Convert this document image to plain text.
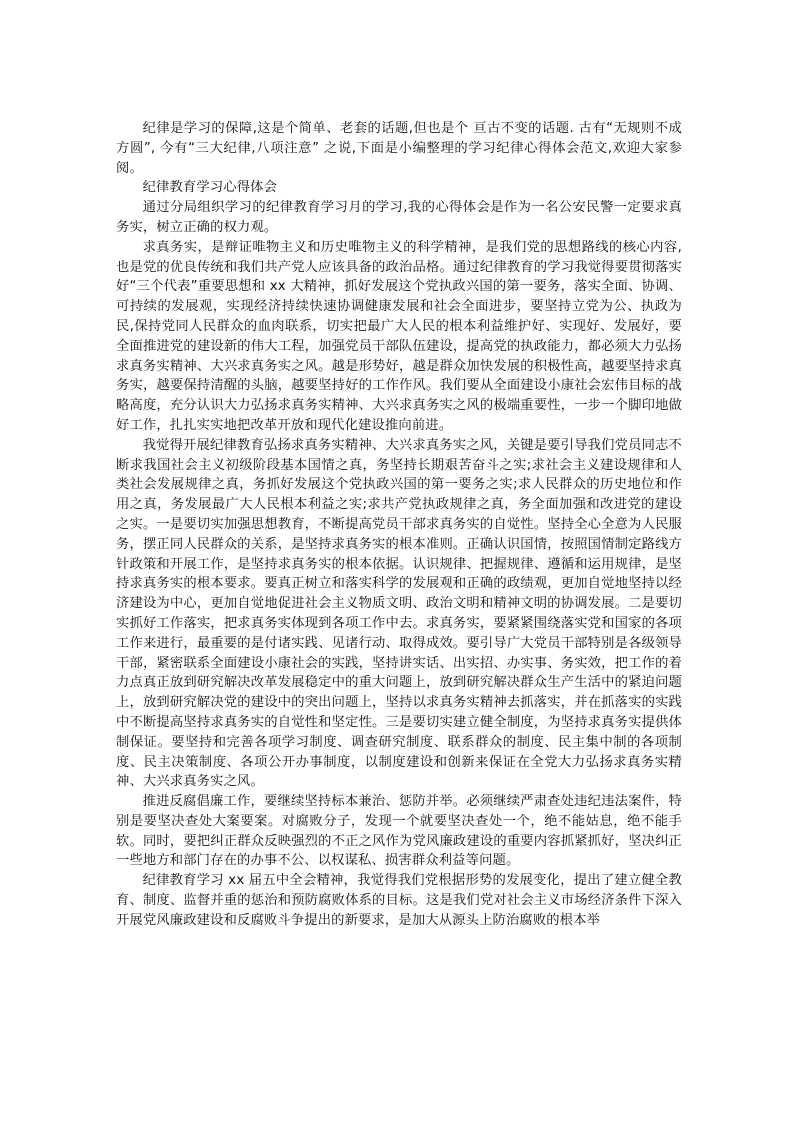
纪律是学习的保障,这是个简单、老套的话题,但也是个 亘古不变的话题. 古有“无规则不成方圆”, 今有“三大纪律,八项注意” 之说,下面是小编整理的学习纪律心得体会范文,欢迎大家参阅。

纪律教育学习心得体会

通过分局组织学习的纪律教育学习月的学习,我的心得体会是作为一名公安民警一定要求真务实，树立正确的权力观。

求真务实，是辩证唯物主义和历史唯物主义的科学精神，是我们党的思想路线的核心内容,也是党的优良传统和我们共产党人应该具备的政治品格。通过纪律教育的学习我觉得要贯彻落实好“三个代表”重要思想和 xx 大精神，抓好发展这个党执政兴国的第一要务，落实全面、协调、可持续的发展观，实现经济持续快速协调健康发展和社会全面进步，要坚持立党为公、执政为民,保持党同人民群众的血肉联系，切实把最广大人民的根本利益维护好、实现好、发展好，要全面推进党的建设新的伟大工程，加强党员干部队伍建设，提高党的执政能力，都必须大力弘扬求真务实精神、大兴求真务实之风。越是形势好，越是群众加快发展的积极性高，越要坚持求真务实，越要保持清醒的头脑，越要坚持好的工作作风。我们要从全面建设小康社会宏伟目标的战略高度，充分认识大力弘扬求真务实精神、大兴求真务实之风的极端重要性，一步一个脚印地做好工作，扎扎实实地把改革开放和现代化建设推向前进。

我觉得开展纪律教育弘扬求真务实精神、大兴求真务实之风，关键是要引导我们党员同志不断求我国社会主义初级阶段基本国情之真，务坚持长期艰苦奋斗之实;求社会主义建设规律和人类社会发展规律之真，务抓好发展这个党执政兴国的第一要务之实;求人民群众的历史地位和作用之真，务发展最广大人民根本利益之实;求共产党执政规律之真，务全面加强和改进党的建设之实。一是要切实加强思想教育，不断提高党员干部求真务实的自觉性。坚持全心全意为人民服务，摆正同人民群众的关系，是坚持求真务实的根本准则。正确认识国情，按照国情制定路线方针政策和开展工作，是坚持求真务实的根本依据。认识规律、把握规律、遵循和运用规律，是坚持求真务实的根本要求。要真正树立和落实科学的发展观和正确的政绩观，更加自觉地坚持以经济建设为中心，更加自觉地促进社会主义物质文明、政治文明和精神文明的协调发展。二是要切实抓好工作落实，把求真务实体现到各项工作中去。求真务实，要紧紧围绕落实党和国家的各项工作来进行，最重要的是付诸实践、见诸行动、取得成效。要引导广大党员干部特别是各级领导干部，紧密联系全面建设小康社会的实践，坚持讲实话、出实招、办实事、务实效，把工作的着力点真正放到研究解决改革发展稳定中的重大问题上，放到研究解决群众生产生活中的紧迫问题上，放到研究解决党的建设中的突出问题上，坚持以求真务实精神去抓落实，并在抓落实的实践中不断提高坚持求真务实的自觉性和坚定性。三是要切实建立健全制度，为坚持求真务实提供体制保证。要坚持和完善各项学习制度、调查研究制度、联系群众的制度、民主集中制的各项制度、民主决策制度、各项公开办事制度，以制度建设和创新来保证在全党大力弘扬求真务实精神、大兴求真务实之风。

推进反腐倡廉工作，要继续坚持标本兼治、惩防并举。必须继续严肃查处违纪违法案件，特别是要坚决查处大案要案。对腐败分子，发现一个就要坚决查处一个，绝不能姑息，绝不能手软。同时，要把纠正群众反映强烈的不正之风作为党风廉政建设的重要内容抓紧抓好，坚决纠正一些地方和部门存在的办事不公、以权谋私、损害群众利益等问题。

纪律教育学习 xx 届五中全会精神，我觉得我们党根据形势的发展变化，提出了建立健全教育、制度、监督并重的惩治和预防腐败体系的目标。这是我们党对社会主义市场经济条件下深入开展党风廉政建设和反腐败斗争提出的新要求，是加大从源头上防治腐败的根本举
